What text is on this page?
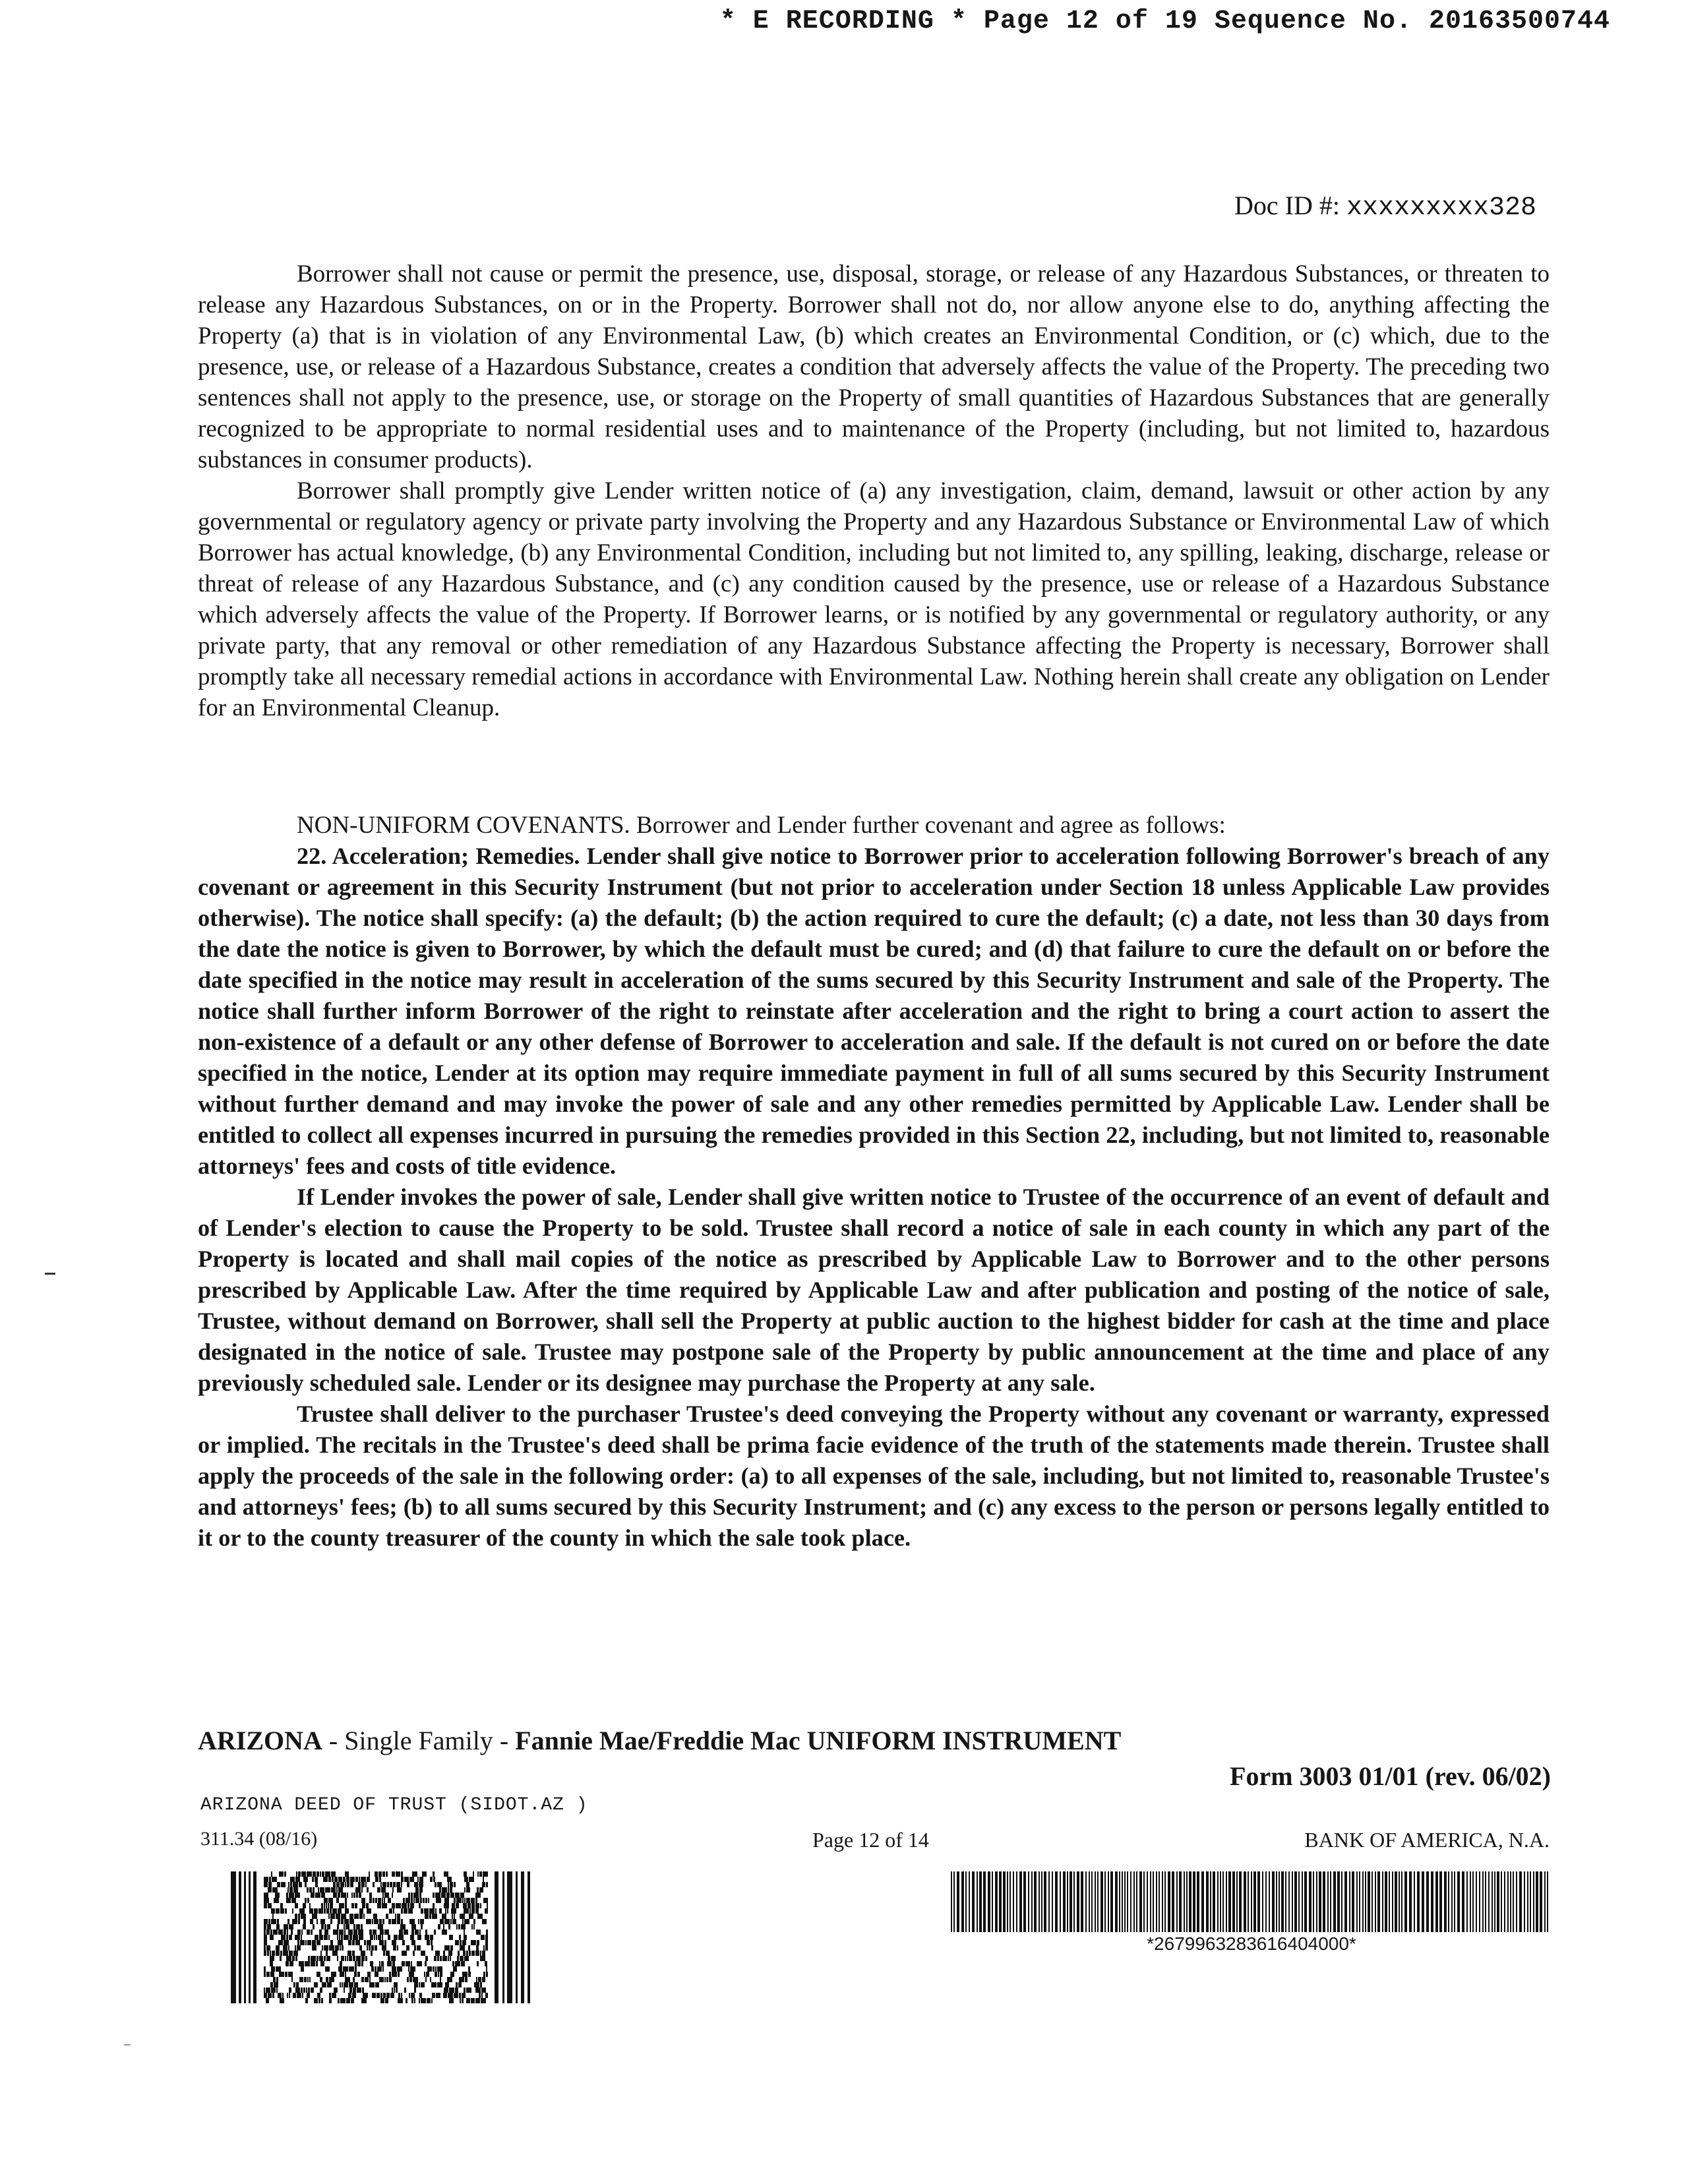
* E RECORDING * Page 12 of 19 Sequence No. 20163500744
Doc ID #: xxxxxxxxx328

Borrower shall not cause or permit the presence, use, disposal, storage, or release of any Hazardous Substances, or threaten to release any Hazardous Substances, on or in the Property. Borrower shall not do, nor allow anyone else to do, anything affecting the Property (a) that is in violation of any Environmental Law, (b) which creates an Environmental Condition, or (c) which, due to the presence, use, or release of a Hazardous Substance, creates a condition that adversely affects the value of the Property. The preceding two sentences shall not apply to the presence, use, or storage on the Property of small quantities of Hazardous Substances that are generally recognized to be appropriate to normal residential uses and to maintenance of the Property (including, but not limited to, hazardous substances in consumer products).

Borrower shall promptly give Lender written notice of (a) any investigation, claim, demand, lawsuit or other action by any governmental or regulatory agency or private party involving the Property and any Hazardous Substance or Environmental Law of which Borrower has actual knowledge, (b) any Environmental Condition, including but not limited to, any spilling, leaking, discharge, release or threat of release of any Hazardous Substance, and (c) any condition caused by the presence, use or release of a Hazardous Substance which adversely affects the value of the Property. If Borrower learns, or is notified by any governmental or regulatory authority, or any private party, that any removal or other remediation of any Hazardous Substance affecting the Property is necessary, Borrower shall promptly take all necessary remedial actions in accordance with Environmental Law. Nothing herein shall create any obligation on Lender for an Environmental Cleanup.

NON-UNIFORM COVENANTS. Borrower and Lender further covenant and agree as follows:

22. Acceleration; Remedies. Lender shall give notice to Borrower prior to acceleration following Borrower's breach of any covenant or agreement in this Security Instrument (but not prior to acceleration under Section 18 unless Applicable Law provides otherwise). The notice shall specify: (a) the default; (b) the action required to cure the default; (c) a date, not less than 30 days from the date the notice is given to Borrower, by which the default must be cured; and (d) that failure to cure the default on or before the date specified in the notice may result in acceleration of the sums secured by this Security Instrument and sale of the Property. The notice shall further inform Borrower of the right to reinstate after acceleration and the right to bring a court action to assert the non-existence of a default or any other defense of Borrower to acceleration and sale. If the default is not cured on or before the date specified in the notice, Lender at its option may require immediate payment in full of all sums secured by this Security Instrument without further demand and may invoke the power of sale and any other remedies permitted by Applicable Law. Lender shall be entitled to collect all expenses incurred in pursuing the remedies provided in this Section 22, including, but not limited to, reasonable attorneys' fees and costs of title evidence.

If Lender invokes the power of sale, Lender shall give written notice to Trustee of the occurrence of an event of default and of Lender's election to cause the Property to be sold. Trustee shall record a notice of sale in each county in which any part of the Property is located and shall mail copies of the notice as prescribed by Applicable Law to Borrower and to the other persons prescribed by Applicable Law. After the time required by Applicable Law and after publication and posting of the notice of sale, Trustee, without demand on Borrower, shall sell the Property at public auction to the highest bidder for cash at the time and place designated in the notice of sale. Trustee may postpone sale of the Property by public announcement at the time and place of any previously scheduled sale. Lender or its designee may purchase the Property at any sale.

Trustee shall deliver to the purchaser Trustee's deed conveying the Property without any covenant or warranty, expressed or implied. The recitals in the Trustee's deed shall be prima facie evidence of the truth of the statements made therein. Trustee shall apply the proceeds of the sale in the following order: (a) to all expenses of the sale, including, but not limited to, reasonable Trustee's and attorneys' fees; (b) to all sums secured by this Security Instrument; and (c) any excess to the person or persons legally entitled to it or to the county treasurer of the county in which the sale took place.

ARIZONA - Single Family - Fannie Mae/Freddie Mac UNIFORM INSTRUMENT
Form 3003 01/01 (rev. 06/02)
ARIZONA DEED OF TRUST (SIDOT.AZ )
311.34 (08/16)	Page 12 of 14	BANK OF AMERICA, N.A.
*2679963283616404000*
